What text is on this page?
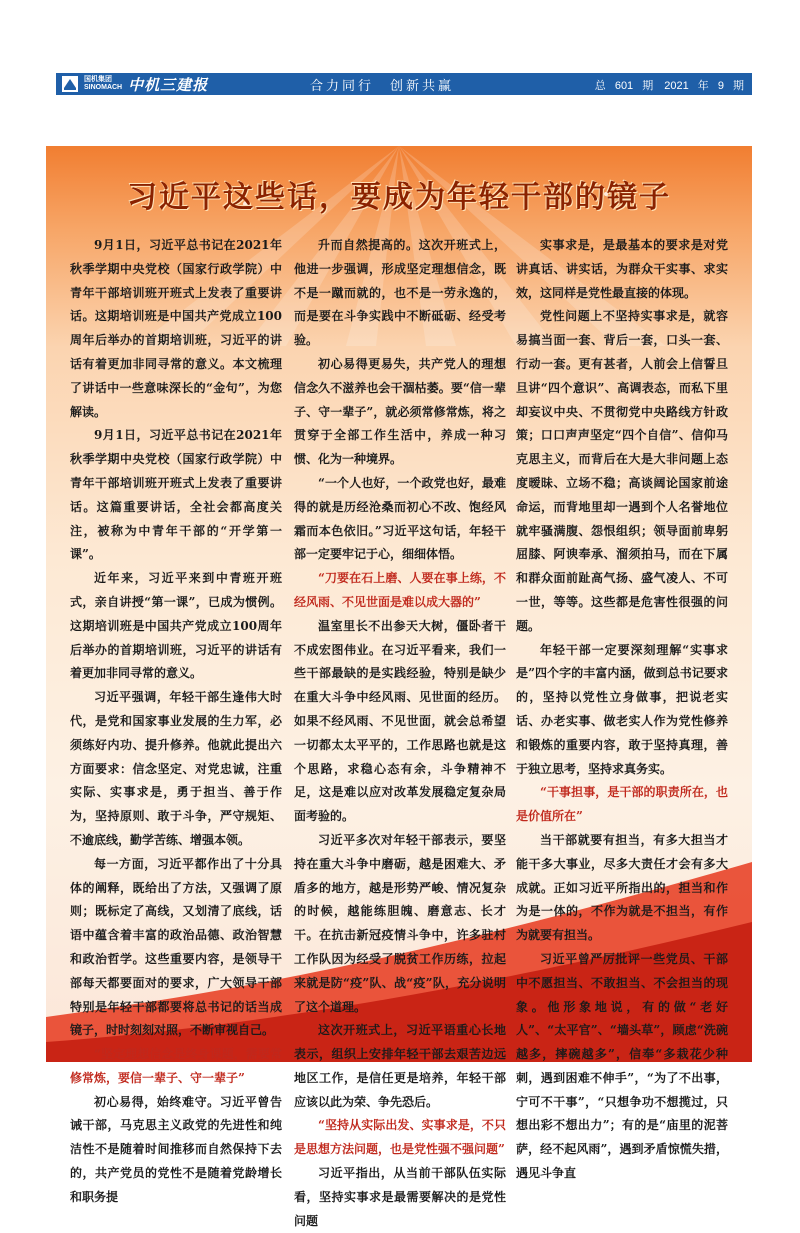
国机集团
SINOMACH 中机三建报	合力同行　创新共赢	总 601 期　2021 年 9 期
习近平这些话，要成为年轻干部的镜子

9月1日，习近平总书记在2021年秋季学期中央党校（国家行政学院）中青年干部培训班开班式上发表了重要讲话。这期培训班是中国共产党成立100周年后举办的首期培训班，习近平的讲话有着更加非同寻常的意义。本文梳理了讲话中一些意味深长的“金句”，为您解读。

9月1日，习近平总书记在2021年秋季学期中央党校（国家行政学院）中青年干部培训班开班式上发表了重要讲话。这篇重要讲话，全社会都高度关注，被称为中青年干部的“开学第一课”。

近年来，习近平来到中青班开班式，亲自讲授“第一课”，已成为惯例。这期培训班是中国共产党成立100周年后举办的首期培训班，习近平的讲话有着更加非同寻常的意义。

习近平强调，年轻干部生逢伟大时代，是党和国家事业发展的生力军，必须练好内功、提升修养。他就此提出六方面要求：信念坚定、对党忠诚，注重实际、实事求是，勇于担当、善于作为，坚持原则、敢于斗争，严守规矩、不逾底线，勤学苦练、增强本领。

每一方面，习近平都作出了十分具体的阐释，既给出了方法，又强调了原则；既标定了高线，又划清了底线，话语中蕴含着丰富的政治品德、政治智慧和政治哲学。这些重要内容，是领导干部每天都要面对的要求，广大领导干部特别是年轻干部都要将总书记的话当成镜子，时时刻刻对照，不断审视自己。

“坚定理想信念是终身课题，需要常修常炼，要信一辈子、守一辈子”

初心易得，始终难守。习近平曾告诫干部，马克思主义政党的先进性和纯洁性不是随着时间推移而自然保持下去的，共产党员的党性不是随着党龄增长和职务提

升而自然提高的。这次开班式上，他进一步强调，形成坚定理想信念，既不是一蹴而就的，也不是一劳永逸的，而是要在斗争实践中不断砥砺、经受考验。

初心易得更易失，共产党人的理想信念久不滋养也会干涸枯萎。要“信一辈子、守一辈子”，就必须常修常炼，将之贯穿于全部工作生活中，养成一种习惯、化为一种境界。

“一个人也好，一个政党也好，最难得的就是历经沧桑而初心不改、饱经风霜而本色依旧。”习近平这句话，年轻干部一定要牢记于心，细细体悟。

“刀要在石上磨、人要在事上练，不经风雨、不见世面是难以成大器的”

温室里长不出参天大树，僵卧者干不成宏图伟业。在习近平看来，我们一些干部最缺的是实践经验，特别是缺少在重大斗争中经风雨、见世面的经历。如果不经风雨、不见世面，就会总希望一切都太太平平的，工作思路也就是这个思路，求稳心态有余，斗争精神不足，这是难以应对改革发展稳定复杂局面考验的。

习近平多次对年轻干部表示，要坚持在重大斗争中磨砺，越是困难大、矛盾多的地方，越是形势严峻、情况复杂的时候，越能练胆魄、磨意志、长才干。在抗击新冠疫情斗争中，许多驻村工作队因为经受了脱贫工作历练，拉起来就是防“疫”队、战“疫”队，充分说明了这个道理。

这次开班式上，习近平语重心长地表示，组织上安排年轻干部去艰苦边远地区工作，是信任更是培养，年轻干部应该以此为荣、争先恐后。

“坚持从实际出发、实事求是，不只是思想方法问题，也是党性强不强问题”

习近平指出，从当前干部队伍实际看，坚持实事求是最需要解决的是党性问题

实事求是，是最基本的要求是对党讲真话、讲实话，为群众干实事、求实效，这同样是党性最直接的体现。

党性问题上不坚持实事求是，就容易搞当面一套、背后一套，口头一套、行动一套。更有甚者，人前会上信誓旦旦讲“四个意识”、高调表态，而私下里却妄议中央、不贯彻党中央路线方针政策；口口声声坚定“四个自信”、信仰马克思主义，而背后在大是大非问题上态度暧昧、立场不稳；高谈阔论国家前途命运，而背地里却一遇到个人名誉地位就牢骚满腹、怨恨组织；领导面前卑躬屈膝、阿谀奉承、溜须拍马，而在下属和群众面前趾高气扬、盛气凌人、不可一世，等等。这些都是危害性很强的问题。

年轻干部一定要深刻理解“实事求是”四个字的丰富内涵，做到总书记要求的，坚持以党性立身做事，把说老实话、办老实事、做老实人作为党性修养和锻炼的重要内容，敢于坚持真理，善于独立思考，坚持求真务实。

“干事担事，是干部的职责所在，也是价值所在”

当干部就要有担当，有多大担当才能干多大事业，尽多大责任才会有多大成就。正如习近平所指出的，担当和作为是一体的，不作为就是不担当，有作为就要有担当。

习近平曾严厉批评一些党员、干部中不愿担当、不敢担当、不会担当的现象。他形象地说，有的做“老好人”、“太平官”、“墙头草”，顾虑“洗碗越多，摔碗越多”，信奉“多栽花少种刺，遇到困难不伸手”，“为了不出事，宁可不干事”，“只想争功不想揽过，只想出彩不想出力”；有的是“庙里的泥菩萨，经不起风雨”，遇到矛盾惊慌失措，遇见斗争直
